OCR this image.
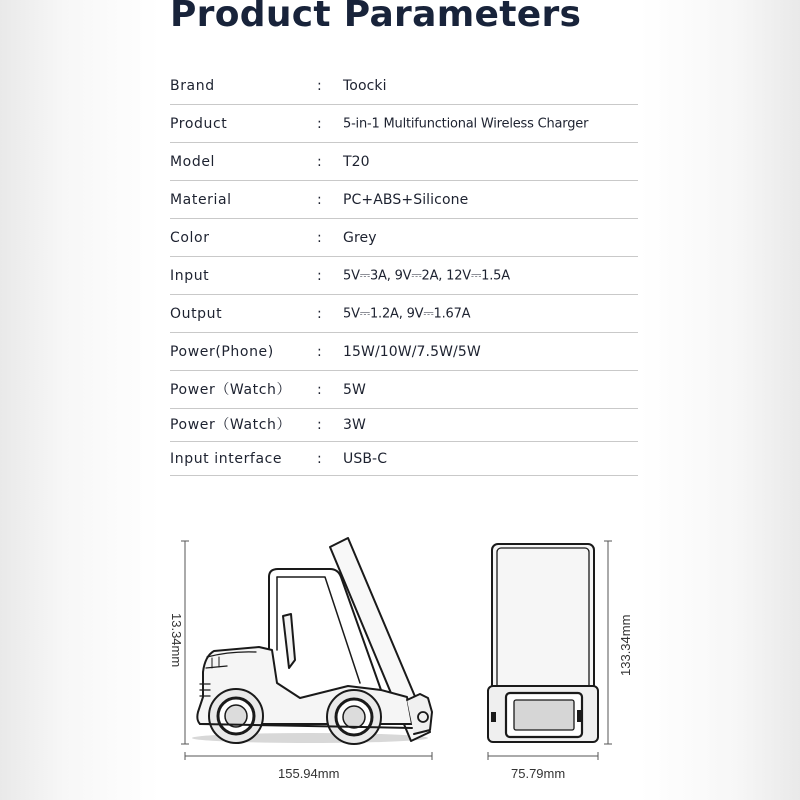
Product Parameters
Brand	: Toocki
Product	: 5-in-1 Multifunctional Wireless Charger
Model	: T20
Material	: PC+ABS+Silicone
Color	: Grey
Input	: 5V⎓3A, 9V⎓2A, 12V⎓1.5A
Output	: 5V⎓1.2A, 9V⎓1.67A
Power(Phone)	: 15W/10W/7.5W/5W
Power（Watch） : 5W
Power（Watch） : 3W
Input interface : USB-C
13.34mm
155.94mm
133.34mm
75.79mm
